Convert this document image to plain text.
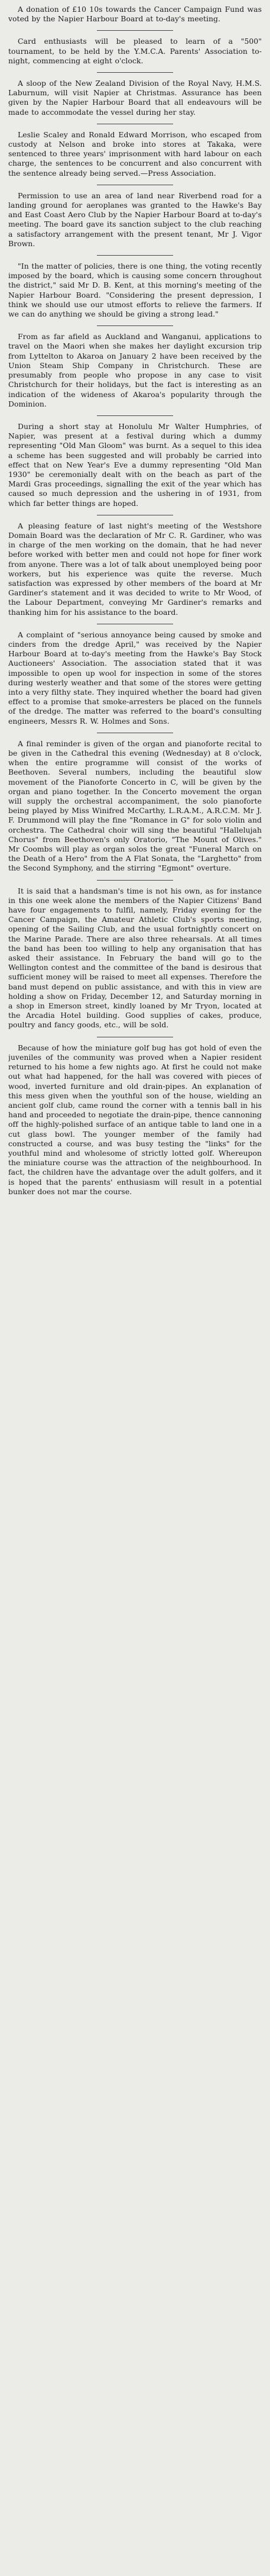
A donation of £10 10s towards the Cancer Campaign Fund was voted by the Napier Harbour Board at to-day's meeting.

Card enthusiasts will be pleased to learn of a "500" tournament, to be held by the Y.M.C.A. Parents' Association to-night, commencing at eight o'clock.

A sloop of the New Zealand Division of the Royal Navy, H.M.S. Laburnum, will visit Napier at Christmas. Assurance has been given by the Napier Harbour Board that all endeavours will be made to accommodate the vessel during her stay.

Leslie Scaley and Ronald Edward Morrison, who escaped from custody at Nelson and broke into stores at Takaka, were sentenced to three years' imprisonment with hard labour on each charge, the sentences to be concurrent and also concurrent with the sentence already being served.—Press Association.

Permission to use an area of land near Riverbend road for a landing ground for aeroplanes was granted to the Hawke's Bay and East Coast Aero Club by the Napier Harbour Board at to-day's meeting. The board gave its sanction subject to the club reaching a satisfactory arrangement with the present tenant, Mr J. Vigor Brown.

"In the matter of policies, there is one thing, the voting recently imposed by the board, which is causing some concern throughout the district," said Mr D. B. Kent, at this morning's meeting of the Napier Harbour Board. "Considering the present depression, I think we should use our utmost efforts to relieve the farmers. If we can do anything we should be giving a strong lead."

From as far afield as Auckland and Wanganui, applications to travel on the Maori when she makes her daylight excursion trip from Lyttelton to Akaroa on January 2 have been received by the Union Steam Ship Company in Christchurch. These are presumably from people who propose in any case to visit Christchurch for their holidays, but the fact is interesting as an indication of the wideness of Akaroa's popularity through the Dominion.

During a short stay at Honolulu Mr Walter Humphries, of Napier, was present at a festival during which a dummy representing "Old Man Gloom" was burnt. As a sequel to this idea a scheme has been suggested and will probably be carried into effect that on New Year's Eve a dummy representing "Old Man 1930" be ceremonially dealt with on the beach as part of the Mardi Gras proceedings, signalling the exit of the year which has caused so much depression and the ushering in of 1931, from which far better things are hoped.

A pleasing feature of last night's meeting of the Westshore Domain Board was the declaration of Mr C. R. Gardiner, who was in charge of the men working on the domain, that he had never before worked with better men and could not hope for finer work from anyone. There was a lot of talk about unemployed being poor workers, but his experience was quite the reverse. Much satisfaction was expressed by other members of the board at Mr Gardiner's statement and it was decided to write to Mr Wood, of the Labour Department, conveying Mr Gardiner's remarks and thanking him for his assistance to the board.

A complaint of "serious annoyance being caused by smoke and cinders from the dredge April," was received by the Napier Harbour Board at to-day's meeting from the Hawke's Bay Stock Auctioneers' Association. The association stated that it was impossible to open up wool for inspection in some of the stores during westerly weather and that some of the stores were getting into a very filthy state. They inquired whether the board had given effect to a promise that smoke-arresters be placed on the funnels of the dredge. The matter was referred to the board's consulting engineers, Messrs R. W. Holmes and Sons.

A final reminder is given of the organ and pianoforte recital to be given in the Cathedral this evening (Wednesday) at 8 o'clock, when the entire programme will consist of the works of Beethoven. Several numbers, including the beautiful slow movement of the Pianoforte Concerto in C, will be given by the organ and piano together. In the Concerto movement the organ will supply the orchestral accompaniment, the solo pianoforte being played by Miss Winifred McCarthy, L.R.A.M., A.R.C.M. Mr J. F. Drummond will play the fine "Romance in G" for solo violin and orchestra. The Cathedral choir will sing the beautiful "Hallelujah Chorus" from Beethoven's only Oratorio, "The Mount of Olives." Mr Coombs will play as organ solos the great "Funeral March on the Death of a Hero" from the A Flat Sonata, the "Larghetto" from the Second Symphony, and the stirring "Egmont" overture.

It is said that a handsman's time is not his own, as for instance in this one week alone the members of the Napier Citizens' Band have four engagements to fulfil, namely, Friday evening for the Cancer Campaign, the Amateur Athletic Club's sports meeting, opening of the Sailing Club, and the usual fortnightly concert on the Marine Parade. There are also three rehearsals. At all times the band has been too willing to help any organisation that has asked their assistance. In February the band will go to the Wellington contest and the committee of the band is desirous that sufficient money will be raised to meet all expenses. Therefore the band must depend on public assistance, and with this in view are holding a show on Friday, December 12, and Saturday morning in a shop in Emerson street, kindly loaned by Mr Tryon, located at the Arcadia Hotel building. Good supplies of cakes, produce, poultry and fancy goods, etc., will be sold.

Because of how the miniature golf bug has got hold of even the juveniles of the community was proved when a Napier resident returned to his home a few nights ago. At first he could not make out what had happened, for the hall was covered with pieces of wood, inverted furniture and old drain-pipes. An explanation of this mess given when the youthful son of the house, wielding an ancient golf club, came round the corner with a tennis ball in his hand and proceeded to negotiate the drain-pipe, thence cannoning off the highly-polished surface of an antique table to land one in a cut glass bowl. The younger member of the family had constructed a course, and was busy testing the "links" for the youthful mind and wholesome of strictly lotted golf. Whereupon the miniature course was the attraction of the neighbourhood. In fact, the children have the advantage over the adult golfers, and it is hoped that the parents' enthusiasm will result in a potential bunker does not mar the course.
